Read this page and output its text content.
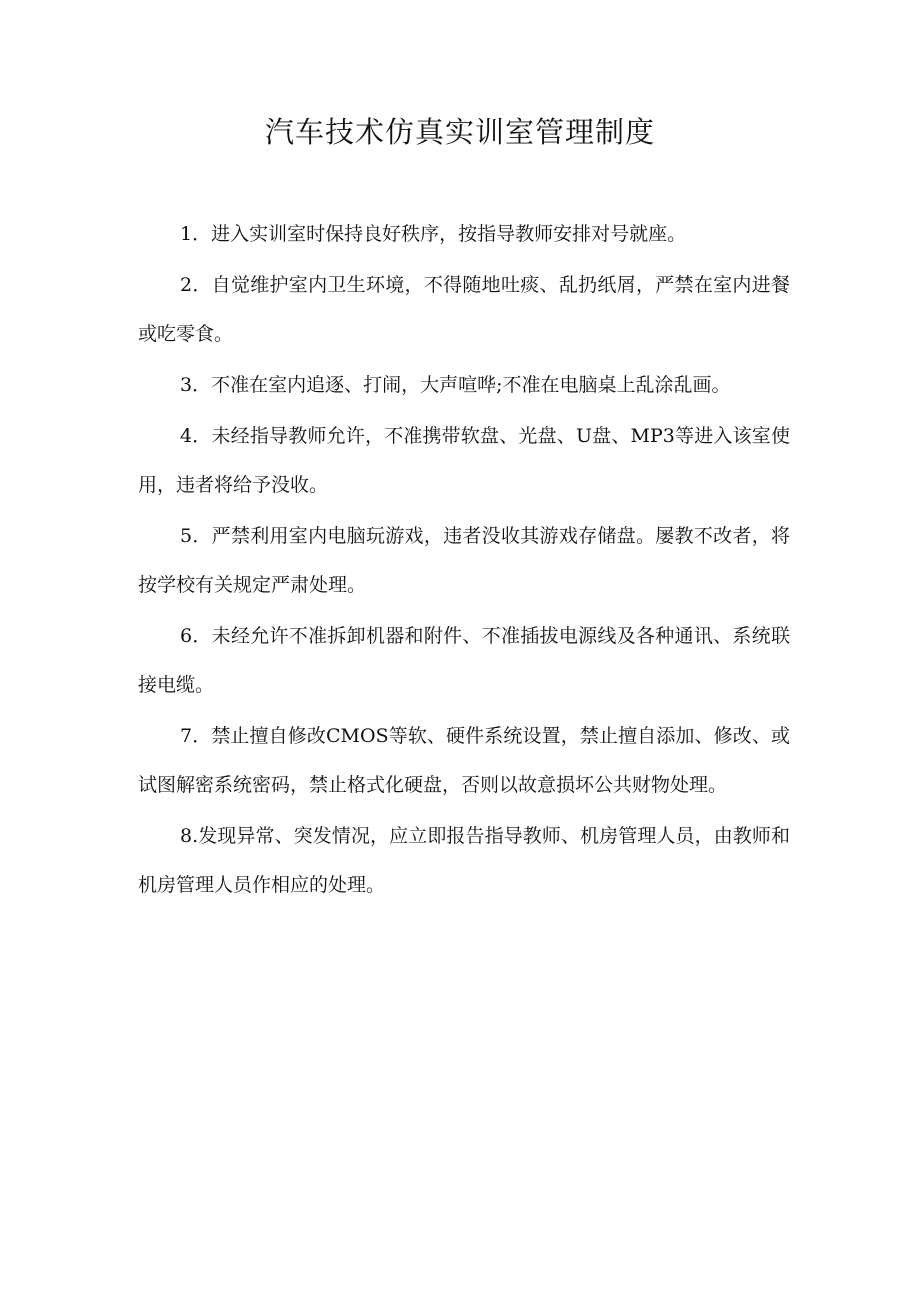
汽车技术仿真实训室管理制度
1．进入实训室时保持良好秩序，按指导教师安排对号就座。
2．自觉维护室内卫生环境，不得随地吐痰、乱扔纸屑，严禁在室内进餐或吃零食。
3．不准在室内追逐、打闹，大声喧哗;不准在电脑桌上乱涂乱画。
4．未经指导教师允许，不准携带软盘、光盘、U盘、MP3等进入该室使用，违者将给予没收。
5．严禁利用室内电脑玩游戏，违者没收其游戏存储盘。屡教不改者，将按学校有关规定严肃处理。
6．未经允许不准拆卸机器和附件、不准插拔电源线及各种通讯、系统联接电缆。
7．禁止擅自修改CMOS等软、硬件系统设置，禁止擅自添加、修改、或试图解密系统密码，禁止格式化硬盘，否则以故意损坏公共财物处理。
8.发现异常、突发情况，应立即报告指导教师、机房管理人员，由教师和机房管理人员作相应的处理。
